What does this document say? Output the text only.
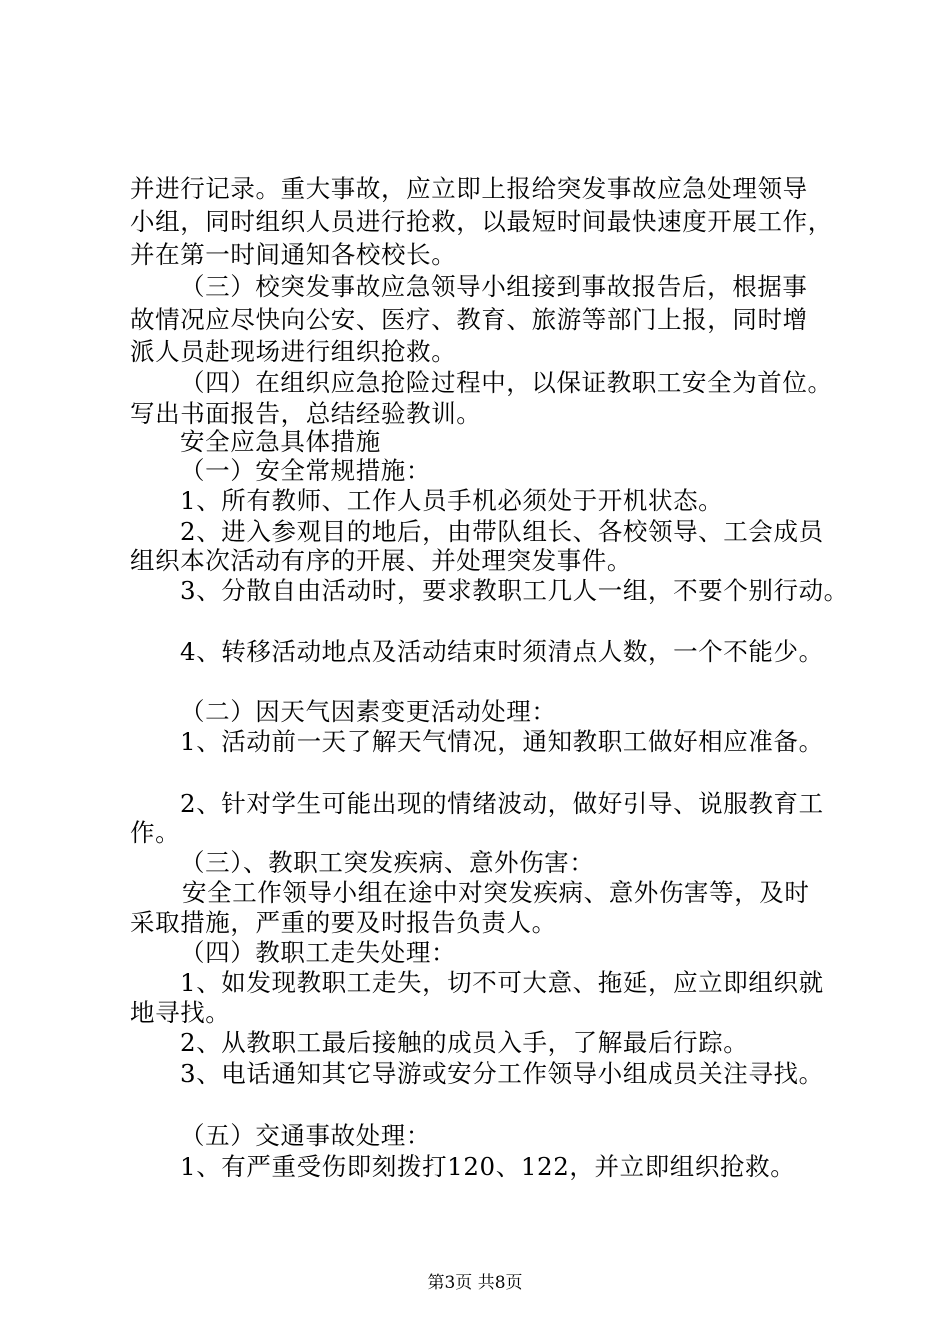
并进行记录。重大事故，应立即上报给突发事故应急处理领导
小组，同时组织人员进行抢救，以最短时间最快速度开展工作，
并在第一时间通知各校校长。
（三）校突发事故应急领导小组接到事故报告后，根据事
故情况应尽快向公安、医疗、教育、旅游等部门上报，同时增
派人员赴现场进行组织抢救。
（四）在组织应急抢险过程中，以保证教职工安全为首位。
写出书面报告，总结经验教训。
安全应急具体措施
（一）安全常规措施：
1、所有教师、工作人员手机必须处于开机状态。
2、进入参观目的地后，由带队组长、各校领导、工会成员
组织本次活动有序的开展、并处理突发事件。
3、分散自由活动时，要求教职工几人一组，不要个别行动。
4、转移活动地点及活动结束时须清点人数，一个不能少。
（二）因天气因素变更活动处理：
1、活动前一天了解天气情况，通知教职工做好相应准备。
2、针对学生可能出现的情绪波动，做好引导、说服教育工
作。
（三）、教职工突发疾病、意外伤害：
安全工作领导小组在途中对突发疾病、意外伤害等，及时
采取措施，严重的要及时报告负责人。
（四）教职工走失处理：
1、如发现教职工走失，切不可大意、拖延，应立即组织就
地寻找。
2、从教职工最后接触的成员入手，了解最后行踪。
3、电话通知其它导游或安分工作领导小组成员关注寻找。
（五）交通事故处理：
1、有严重受伤即刻拨打120、122，并立即组织抢救。
第3页 共8页
